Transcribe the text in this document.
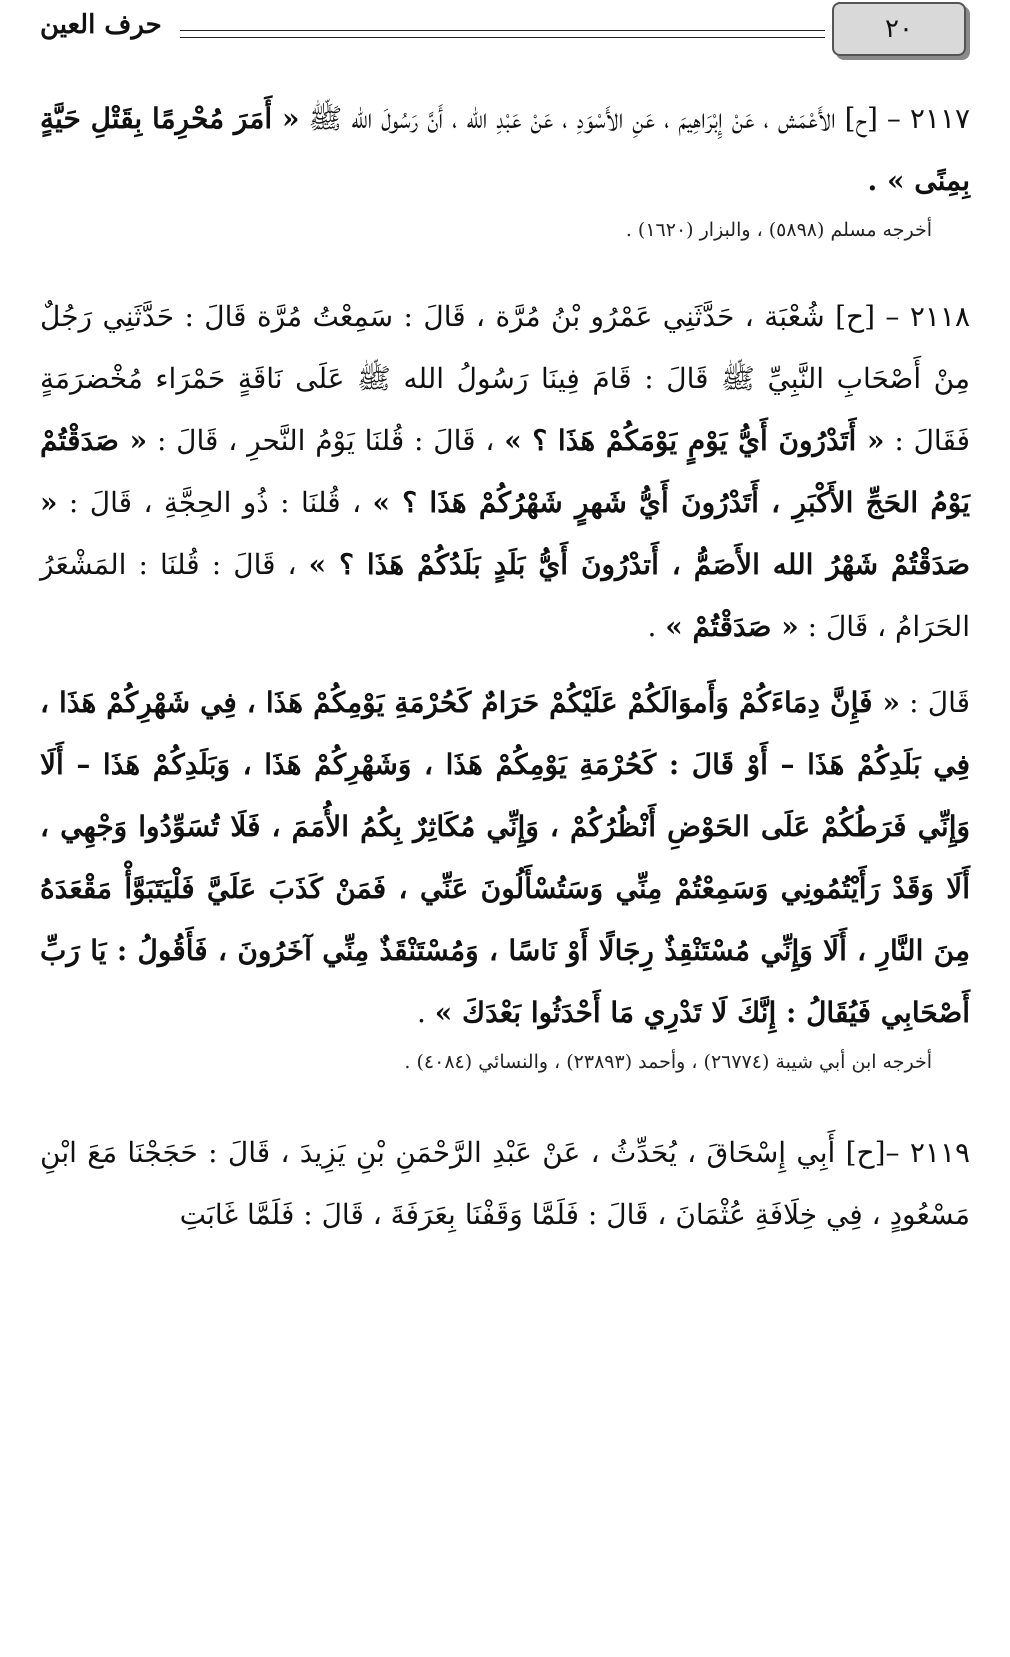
٢٠
حرف العين

٢١١٧ – [ح] الأَعْمَش ، عَنْ إِبْرَاهِيمَ ، عَنِ الأَسْوَدِ ، عَنْ عَبْدِ الله ، أَنَّ رَسُولَ الله ﷺ « أَمَرَ مُحْرِمًا بِقَتْلِ حَيَّةٍ بِمِنًى » .

أخرجه مسلم (٥٨٩٨) ، والبزار (١٦٢٠) .

٢١١٨ – [ح] شُعْبَة ، حَدَّثَنِي عَمْرُو بْنُ مُرَّة ، قَالَ : سَمِعْتُ مُرَّة قَالَ : حَدَّثَنِي رَجُلٌ مِنْ أَصْحَابِ النَّبِيِّ ﷺ قَالَ : قَامَ فِينَا رَسُولُ الله ﷺ عَلَى نَاقَةٍ حَمْرَاء مُخْضرَمَةٍ فَقَالَ : « أَتَدْرُونَ أَيُّ يَوْمٍ يَوْمَكُمْ هَذَا ؟ » ، قَالَ : قُلنَا يَوْمُ النَّحرِ ، قَالَ : « صَدَقْتُمْ يَوْمُ الحَجِّ الأَكْبَرِ ، أَتَدْرُونَ أَيُّ شَهرٍ شَهْرُكُمْ هَذَا ؟ » ، قُلنَا : ذُو الحِجَّةِ ، قَالَ : « صَدَقْتُمْ شَهْرُ الله الأَصَمُّ ، أَتدْرُونَ أَيُّ بَلَدٍ بَلَدُكُمْ هَذَا ؟ » ، قَالَ : قُلنَا : المَشْعَرُ الحَرَامُ ، قَالَ : « صَدَقْتُمْ » .

قَالَ : « فَإِنَّ دِمَاءَكُمْ وَأَموَالَكُمْ عَلَيْكُمْ حَرَامٌ كَحُرْمَةِ يَوْمِكُمْ هَذَا ، فِي شَهْرِكُمْ هَذَا ، فِي بَلَدِكُمْ هَذَا – أَوْ قَالَ : كَحُرْمَةِ يَوْمِكُمْ هَذَا ، وَشَهْرِكُمْ هَذَا ، وَبَلَدِكُمْ هَذَا – أَلَا وَإِنِّي فَرَطُكُمْ عَلَى الحَوْضِ أَنْظُرُكُمْ ، وَإِنِّي مُكَاثِرٌ بِكُمُ الأُمَمَ ، فَلَا تُسَوِّدُوا وَجْهِي ، أَلَا وَقَدْ رَأَيْتُمُونِي وَسَمِعْتُمْ مِنِّي وَسَتُسْأَلُونَ عَنِّي ، فَمَنْ كَذَبَ عَلَيَّ فَلْيَتَبَوَّأْ مَقْعَدَهُ مِنَ النَّارِ ، أَلَا وَإِنِّي مُسْتَنْقِذٌ رِجَالًا أَوْ نَاسًا ، وَمُسْتَنْقَذٌ مِنِّي آخَرُونَ ، فَأَقُولُ : يَا رَبِّ أَصْحَابِي فَيُقَالُ : إِنَّكَ لَا تَدْرِي مَا أَحْدَثُوا بَعْدَكَ » .

أخرجه ابن أبي شيبة (٢٦٧٧٤) ، وأحمد (٢٣٨٩٣) ، والنسائي (٤٠٨٤) .

٢١١٩ –[ح] أَبِي إِسْحَاقَ ، يُحَدِّثُ ، عَنْ عَبْدِ الرَّحْمَنِ بْنِ يَزِيدَ ، قَالَ : حَجَجْنَا مَعَ ابْنِ مَسْعُودٍ ، فِي خِلَافَةِ عُثْمَانَ ، قَالَ : فَلَمَّا وَقَفْنَا بِعَرَفَةَ ، قَالَ : فَلَمَّا غَابَتِ
